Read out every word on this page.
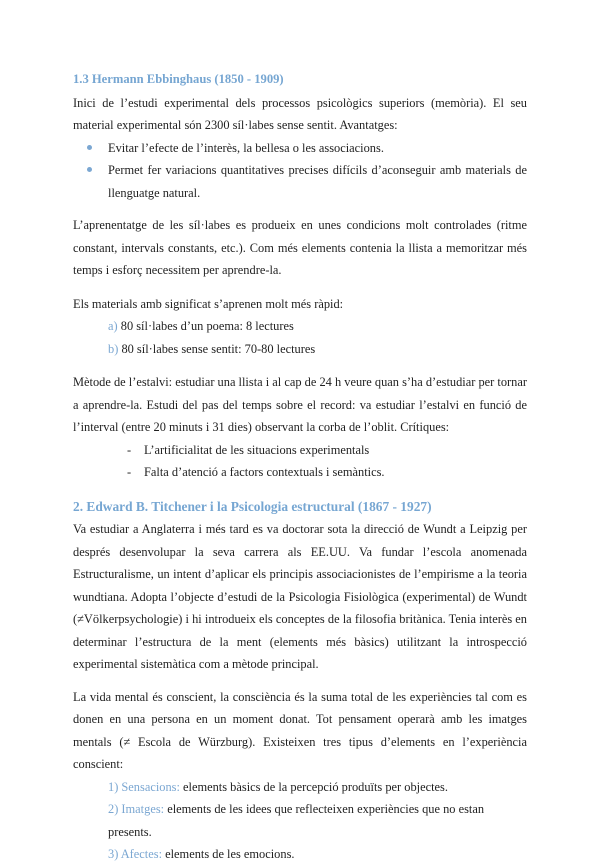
1.3 Hermann Ebbinghaus (1850 - 1909)

Inici de l’estudi experimental dels processos psicològics superiors (memòria). El seu material experimental són 2300 síl·labes sense sentit. Avantatges:

Evitar l’efecte de l’interès, la bellesa o les associacions.
Permet fer variacions quantitatives precises difícils d’aconseguir amb materials de llenguatge natural.

L’aprenentatge de les síl·labes es produeix en unes condicions molt controlades (ritme constant, intervals constants, etc.). Com més elements contenia la llista a memoritzar més temps i esforç necessitem per aprendre-la.

Els materials amb significat s’aprenen molt més ràpid:

a) 80 síl·labes d’un poema: 8 lectures
b) 80 síl·labes sense sentit: 70-80 lectures

Mètode de l’estalvi: estudiar una llista i al cap de 24 h veure quan s’ha d’estudiar per tornar a aprendre-la. Estudi del pas del temps sobre el record: va estudiar l’estalvi en funció de l’interval (entre 20 minuts i 31 dies) observant la corba de l’oblit. Crítiques:

- L’artificialitat de les situacions experimentals
- Falta d’atenció a factors contextuals i semàntics.
2. Edward B. Titchener i la Psicologia estructural (1867 - 1927)

Va estudiar a Anglaterra i més tard es va doctorar sota la direcció de Wundt a Leipzig per després desenvolupar la seva carrera als EE.UU. Va fundar l’escola anomenada Estructuralisme, un intent d’aplicar els principis associacionistes de l’empirisme a la teoria wundtiana. Adopta l’objecte d’estudi de la Psicologia Fisiològica (experimental) de Wundt (≠Völkerpsychologie) i hi introdueix els conceptes de la filosofia britànica. Tenia interès en determinar l’estructura de la ment (elements més bàsics) utilitzant la introspecció experimental sistemàtica com a mètode principal.

La vida mental és conscient, la consciència és la suma total de les experiències tal com es donen en una persona en un moment donat. Tot pensament operarà amb les imatges mentals (≠ Escola de Würzburg). Existeixen tres tipus d’elements en l’experiència conscient:

1) Sensacions: elements bàsics de la percepció produïts per objectes.
2) Imatges: elements de les idees que reflecteixen experiències que no estan presents.
3) Afectes: elements de les emocions.
